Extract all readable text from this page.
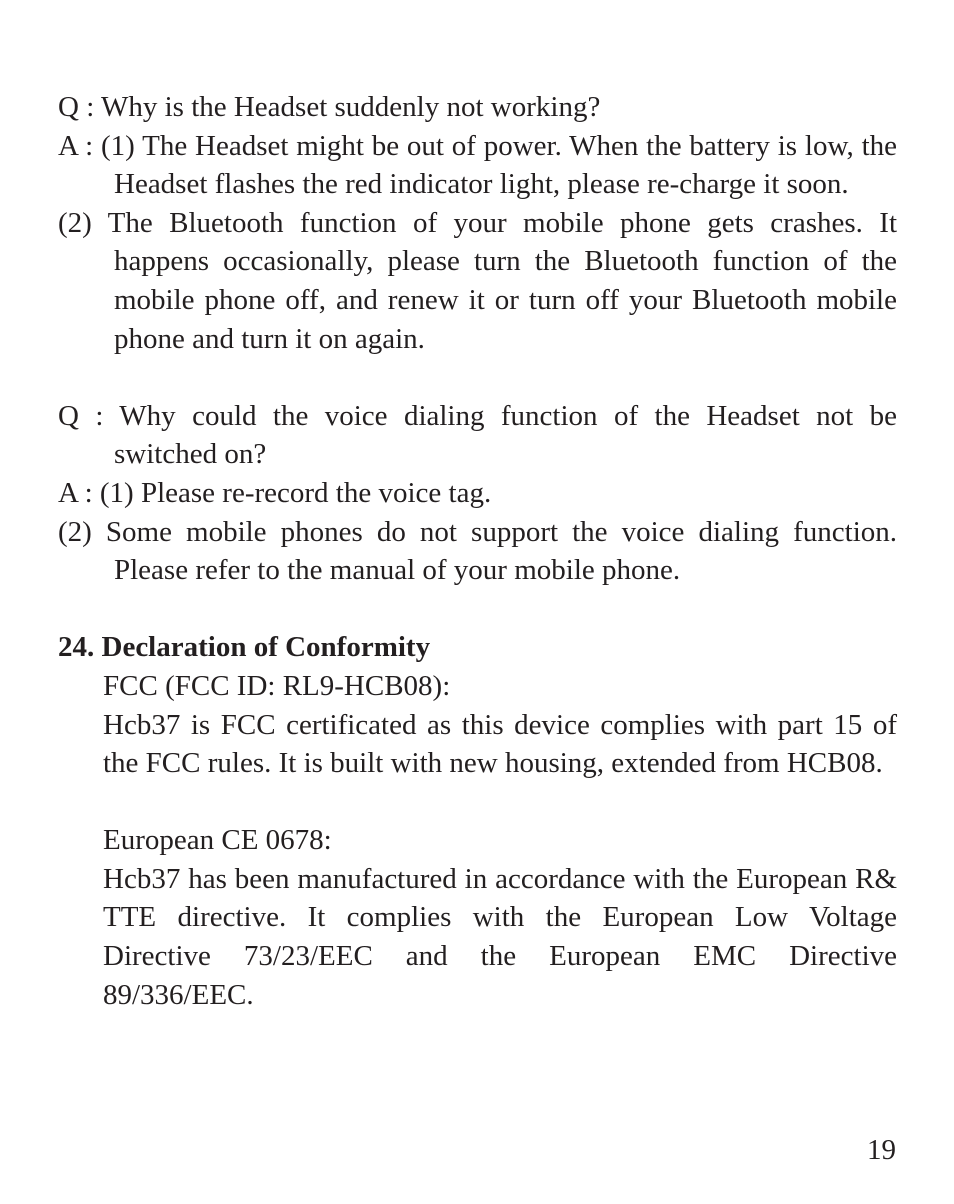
Q : Why is the Headset suddenly not working?

A : (1) The Headset might be out of power. When the battery is low, the Headset flashes the red indicator light, please re-charge it soon.

(2) The Bluetooth function of your mobile phone gets crashes. It happens occasionally, please turn the Bluetooth function of the mobile phone off, and renew it or turn off your Bluetooth mobile phone and turn it on again.

Q : Why could the voice dialing function of the Headset not be switched on?

A : (1) Please re-record the voice tag.

(2) Some mobile phones do not support the voice dialing function. Please refer to the manual of your mobile phone.

24. Declaration of Conformity

FCC (FCC ID: RL9-HCB08):

Hcb37 is FCC certificated as this device complies with part 15 of the FCC rules. It is built with new housing, extended from HCB08.

European CE 0678:

Hcb37 has been manufactured in accordance with the European R& TTE directive. It complies with the European Low Voltage Directive 73/23/EEC and the European EMC Directive 89/336/EEC.

19
